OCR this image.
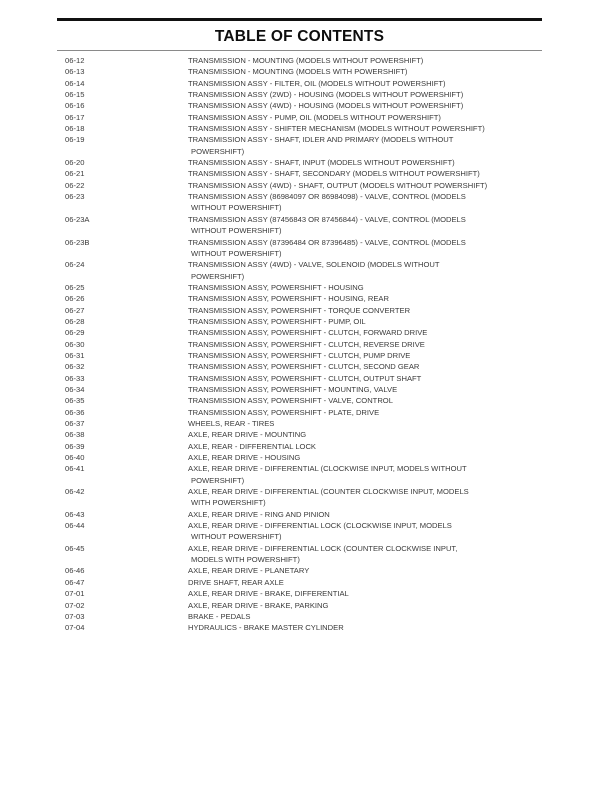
TABLE OF CONTENTS
06-12	TRANSMISSION - MOUNTING (MODELS WITHOUT POWERSHIFT)
06-13	TRANSMISSION - MOUNTING (MODELS WITH POWERSHIFT)
06-14	TRANSMISSION ASSY - FILTER, OIL (MODELS WITHOUT POWERSHIFT)
06-15	TRANSMISSION ASSY (2WD) - HOUSING (MODELS WITHOUT POWERSHIFT)
06-16	TRANSMISSION ASSY (4WD) - HOUSING (MODELS WITHOUT POWERSHIFT)
06-17	TRANSMISSION ASSY - PUMP, OIL (MODELS WITHOUT POWERSHIFT)
06-18	TRANSMISSION ASSY - SHIFTER MECHANISM (MODELS WITHOUT POWERSHIFT)
06-19	TRANSMISSION ASSY - SHAFT, IDLER AND PRIMARY (MODELS WITHOUT
POWERSHIFT)
06-20	TRANSMISSION ASSY - SHAFT, INPUT (MODELS WITHOUT POWERSHIFT)
06-21	TRANSMISSION ASSY - SHAFT, SECONDARY (MODELS WITHOUT POWERSHIFT)
06-22	TRANSMISSION ASSY (4WD) - SHAFT, OUTPUT (MODELS WITHOUT POWERSHIFT)
06-23	TRANSMISSION ASSY (86984097 OR 86984098) - VALVE, CONTROL (MODELS
WITHOUT POWERSHIFT)
06-23A	TRANSMISSION ASSY (87456843 OR 87456844) - VALVE, CONTROL (MODELS
WITHOUT POWERSHIFT)
06-23B	TRANSMISSION ASSY (87396484 OR 87396485) - VALVE, CONTROL (MODELS
WITHOUT POWERSHIFT)
06-24	TRANSMISSION ASSY (4WD) - VALVE, SOLENOID (MODELS WITHOUT
POWERSHIFT)
06-25	TRANSMISSION ASSY, POWERSHIFT - HOUSING
06-26	TRANSMISSION ASSY, POWERSHIFT - HOUSING, REAR
06-27	TRANSMISSION ASSY, POWERSHIFT - TORQUE CONVERTER
06-28	TRANSMISSION ASSY, POWERSHIFT - PUMP, OIL
06-29	TRANSMISSION ASSY, POWERSHIFT - CLUTCH, FORWARD DRIVE
06-30	TRANSMISSION ASSY, POWERSHIFT - CLUTCH, REVERSE DRIVE
06-31	TRANSMISSION ASSY, POWERSHIFT - CLUTCH, PUMP DRIVE
06-32	TRANSMISSION ASSY, POWERSHIFT - CLUTCH, SECOND GEAR
06-33	TRANSMISSION ASSY, POWERSHIFT - CLUTCH, OUTPUT SHAFT
06-34	TRANSMISSION ASSY, POWERSHIFT - MOUNTING, VALVE
06-35	TRANSMISSION ASSY, POWERSHIFT - VALVE, CONTROL
06-36	TRANSMISSION ASSY, POWERSHIFT - PLATE, DRIVE
06-37	WHEELS, REAR - TIRES
06-38	AXLE, REAR DRIVE - MOUNTING
06-39	AXLE, REAR - DIFFERENTIAL LOCK
06-40	AXLE, REAR DRIVE - HOUSING
06-41	AXLE, REAR DRIVE - DIFFERENTIAL (CLOCKWISE INPUT, MODELS WITHOUT
POWERSHIFT)
06-42	AXLE, REAR DRIVE - DIFFERENTIAL (COUNTER CLOCKWISE INPUT, MODELS
WITH POWERSHIFT)
06-43	AXLE, REAR DRIVE - RING AND PINION
06-44	AXLE, REAR DRIVE - DIFFERENTIAL LOCK (CLOCKWISE INPUT, MODELS
WITHOUT POWERSHIFT)
06-45	AXLE, REAR DRIVE - DIFFERENTIAL LOCK (COUNTER CLOCKWISE INPUT,
MODELS WITH POWERSHIFT)
06-46	AXLE, REAR DRIVE - PLANETARY
06-47	DRIVE SHAFT, REAR AXLE
07-01	AXLE, REAR DRIVE - BRAKE, DIFFERENTIAL
07-02	AXLE, REAR DRIVE - BRAKE, PARKING
07-03	BRAKE - PEDALS
07-04	HYDRAULICS - BRAKE MASTER CYLINDER
